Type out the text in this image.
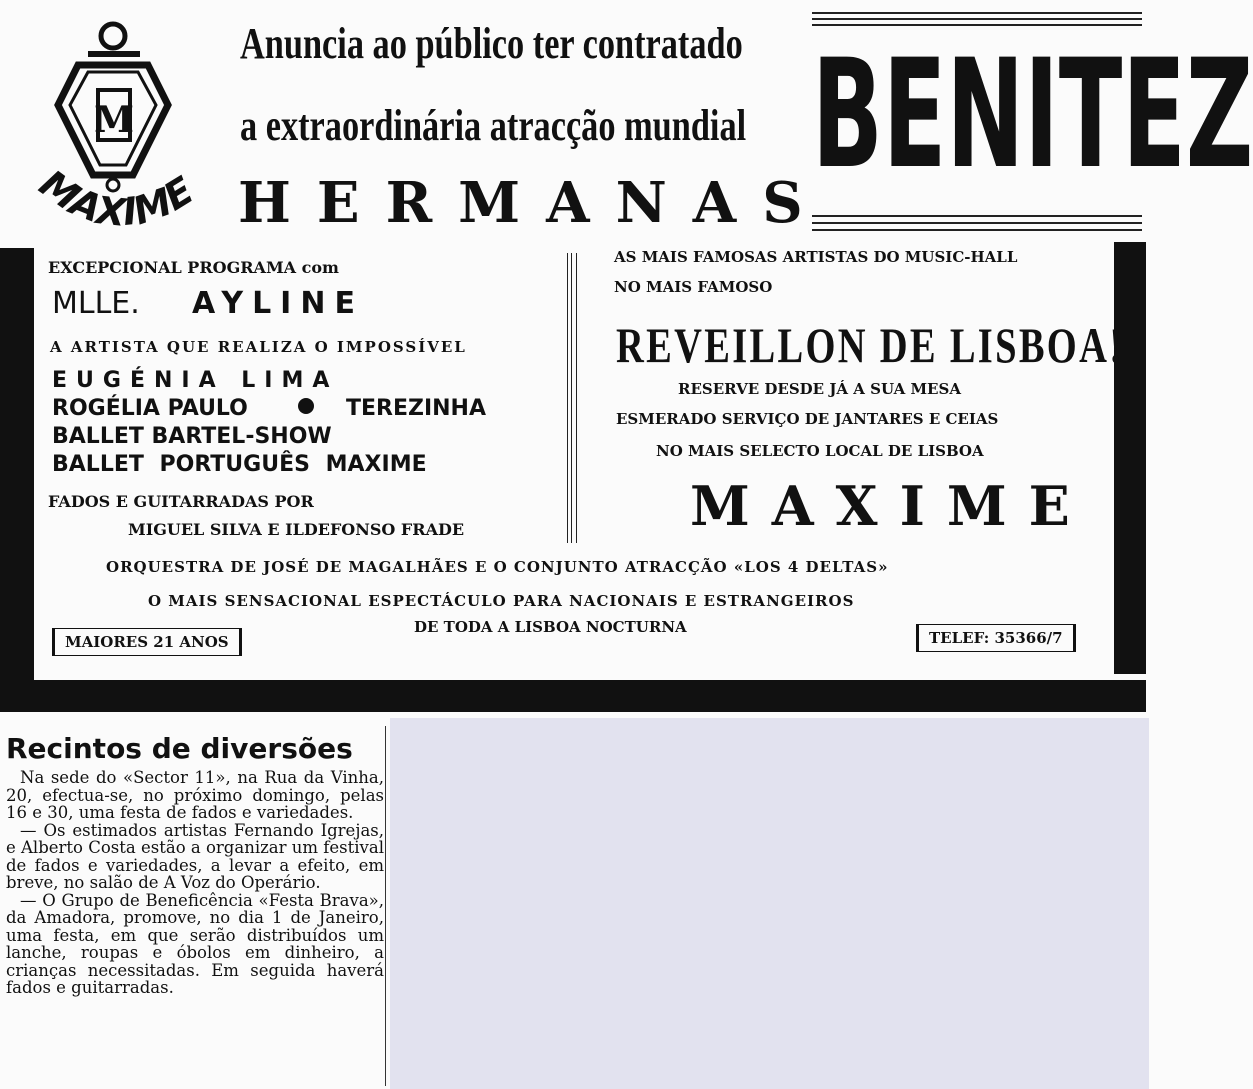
M
MAXIME
Anuncia ao público ter contratado
a extraordinária atracção mundial
HERMANAS
BENITEZ
EXCEPCIONAL PROGRAMA com
MLLE. AYLINE
A ARTISTA QUE REALIZA O IMPOSSÍVEL
EUGÉNIA LIMA
ROGÉLIA PAULO	TEREZINHA
BALLET BARTEL-SHOW
BALLET PORTUGUÊS MAXIME
FADOS E GUITARRADAS POR
MIGUEL SILVA E ILDEFONSO FRADE
AS MAIS FAMOSAS ARTISTAS DO MUSIC-HALL
NO MAIS FAMOSO
REVEILLON DE LISBOA!
RESERVE DESDE JÁ A SUA MESA
ESMERADO SERVIÇO DE JANTARES E CEIAS
NO MAIS SELECTO LOCAL DE LISBOA
MAXIME
ORQUESTRA DE JOSÉ DE MAGALHÃES E O CONJUNTO ATRACÇÃO «LOS 4 DELTAS»
O MAIS SENSACIONAL ESPECTÁCULO PARA NACIONAIS E ESTRANGEIROS
DE TODA A LISBOA NOCTURNA
MAIORES 21 ANOS	TELEF: 35366/7
Recintos de diversões

Na sede do «Sector 11», na Rua da Vinha, 20, efectua-se, no próximo domingo, pelas 16 e 30, uma festa de fados e variedades.

— Os estimados artistas Fernando Igrejas, e Alberto Costa estão a organizar um festival de fados e variedades, a levar a efeito, em breve, no salão de A Voz do Operário.

— O Grupo de Beneficência «Festa Brava», da Amadora, promove, no dia 1 de Janeiro, uma festa, em que serão distribuídos um lanche, roupas e óbolos em dinheiro, a crianças necessitadas. Em seguida haverá fados e guitarradas.
